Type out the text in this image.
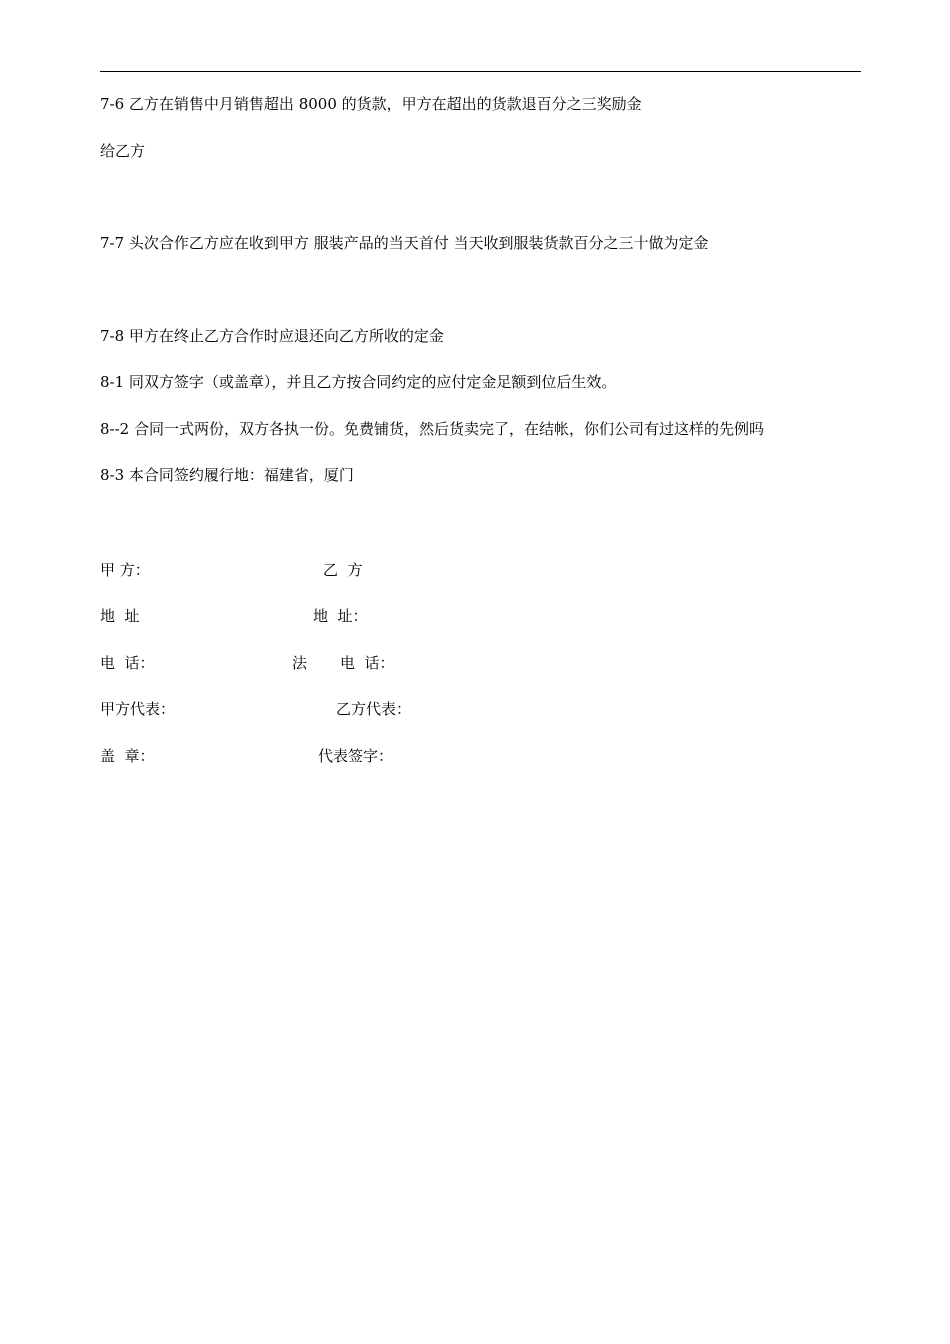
7-6 乙方在销售中月销售超出 8000 的货款，甲方在超出的货款退百分之三奖励金
给乙方
7-7 头次合作乙方应在收到甲方 服装产品的当天首付 当天收到服装货款百分之三十做为定金
7-8 甲方在终止乙方合作时应退还向乙方所收的定金
8-1 同双方签字（或盖章），并且乙方按合同约定的应付定金足额到位后生效。
8--2 合同一式两份，双方各执一份。免费铺货，然后货卖完了，在结帐，你们公司有过这样的先例吗
8-3 本合同签约履行地：福建省，厦门
甲 方：	乙  方
地  址	地  址：
电  话：	法 电  话：
甲方代表：	乙方代表：
盖  章：	代表签字：
